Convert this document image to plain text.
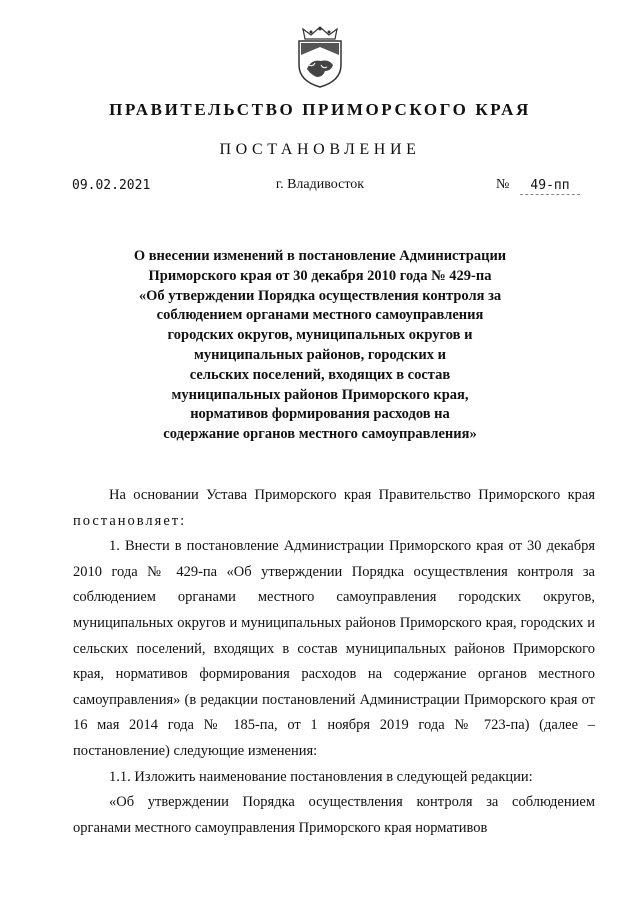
ПРАВИТЕЛЬСТВО ПРИМОРСКОГО КРАЯ
ПОСТАНОВЛЕНИЕ
09.02.2021	г. Владивосток	№	49-пп
О внесении изменений в постановление Администрации
Приморского края от 30 декабря 2010 года № 429-па
«Об утверждении Порядка осуществления контроля за
соблюдением органами местного самоуправления
городских округов, муниципальных округов и
муниципальных районов, городских и
сельских поселений, входящих в состав
муниципальных районов Приморского края,
нормативов формирования расходов на
содержание органов местного самоуправления»

На основании Устава Приморского края Правительство Приморского края постановляет:

1. Внести в постановление Администрации Приморского края от 30 декабря 2010 года № 429-па «Об утверждении Порядка осуществления контроля за соблюдением органами местного самоуправления городских округов, муниципальных округов и муниципальных районов Приморского края, городских и сельских поселений, входящих в состав муниципальных районов Приморского края, нормативов формирования расходов на содержание органов местного самоуправления» (в редакции постановлений Администрации Приморского края от 16 мая 2014 года № 185-па, от 1 ноября 2019 года № 723-па) (далее – постановление) следующие изменения:

1.1. Изложить наименование постановления в следующей редакции:

«Об утверждении Порядка осуществления контроля за соблюдением органами местного самоуправления Приморского края нормативов
